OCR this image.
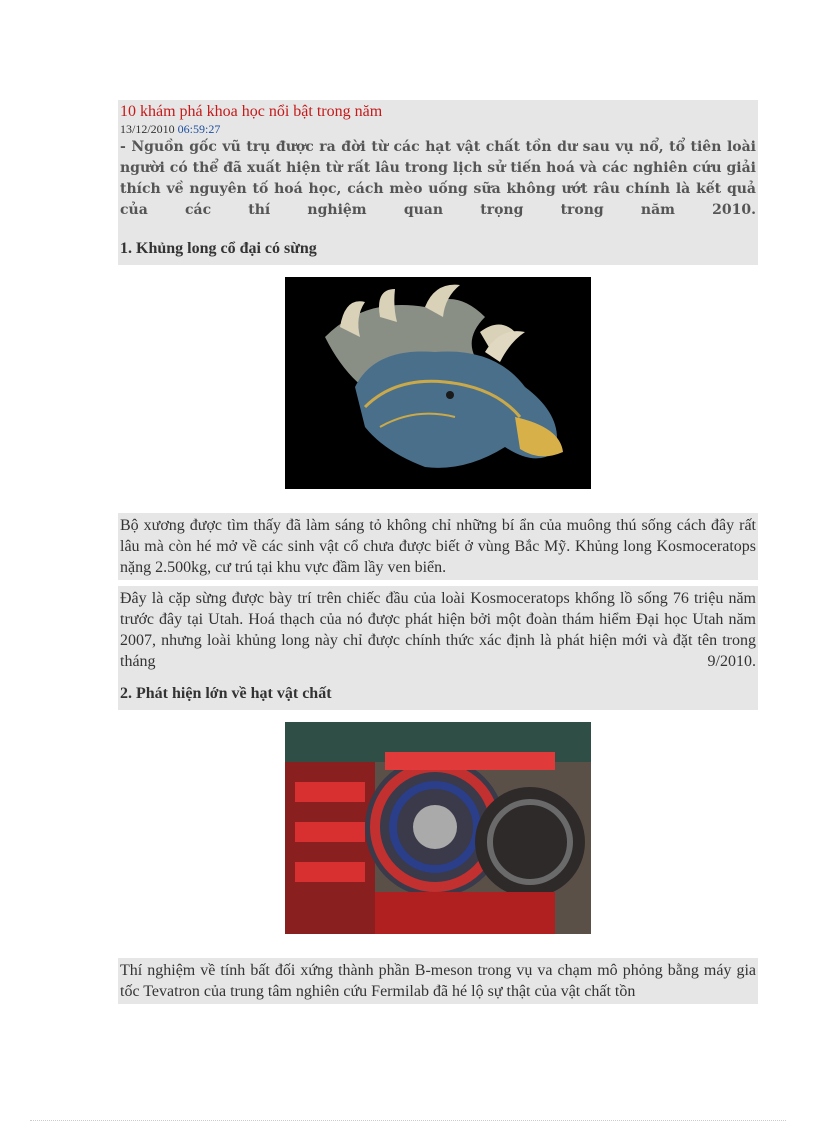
10 khám phá khoa học nổi bật trong năm
13/12/2010 06:59:27
- Nguồn gốc vũ trụ được ra đời từ các hạt vật chất tồn dư sau vụ nổ, tổ tiên loài người có thể đã xuất hiện từ rất lâu trong lịch sử tiến hoá và các nghiên cứu giải thích về nguyên tố hoá học, cách mèo uống sữa không ướt râu chính là kết quả của các thí nghiệm quan trọng trong năm 2010.
1. Khủng long cổ đại có sừng
Bộ xương được tìm thấy đã làm sáng tỏ không chỉ những bí ẩn của muông thú sống cách đây rất lâu mà còn hé mở về các sinh vật cổ chưa được biết ở vùng Bắc Mỹ. Khủng long Kosmoceratops nặng 2.500kg, cư trú tại khu vực đầm lầy ven biển.
Đây là cặp sừng được bày trí trên chiếc đầu của loài Kosmoceratops khổng lồ sống 76 triệu năm trước đây tại Utah. Hoá thạch của nó được phát hiện bởi một đoàn thám hiểm Đại học Utah năm 2007, nhưng loài khủng long này chỉ được chính thức xác định là phát hiện mới và đặt tên trong tháng 9/2010.
2. Phát hiện lớn về hạt vật chất
Thí nghiệm về tính bất đối xứng thành phần B-meson trong vụ va chạm mô phỏng bằng máy gia tốc Tevatron của trung tâm nghiên cứu Fermilab đã hé lộ sự thật của vật chất tồn
